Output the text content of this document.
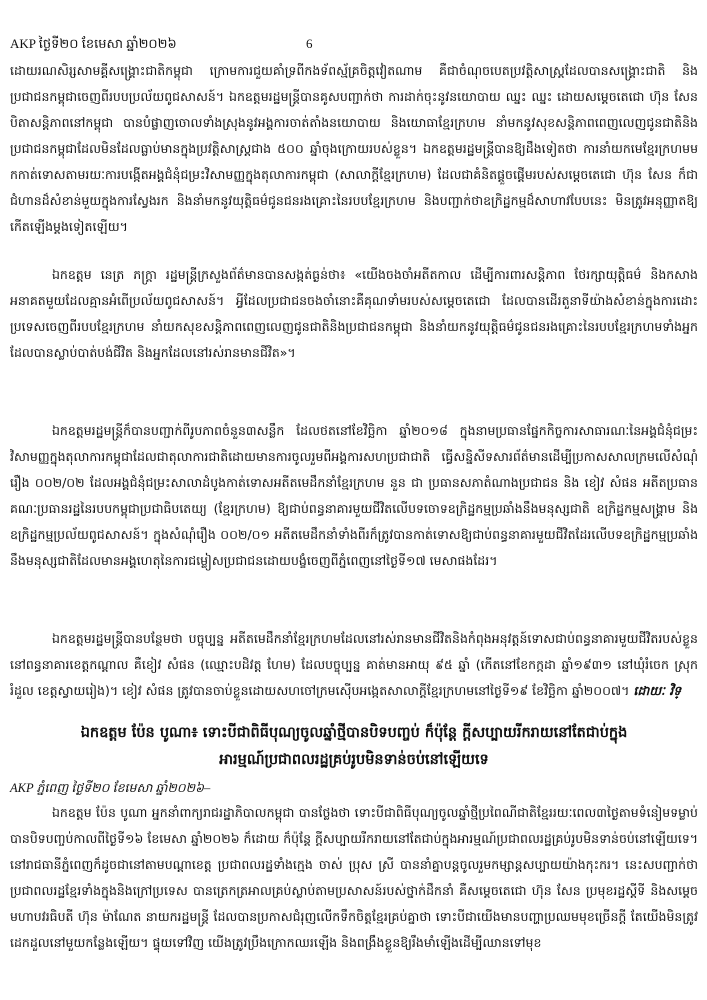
AKP ថ្ងៃទី២០ ខែមេសា ឆ្នាំ២០២៦	6

ដោយរណសិរ្សសាមគ្គីសង្គ្រោះជាតិកម្ពុជា ក្រោមការជួយគាំទ្រពីកងទ័ពស្ម័គ្រចិត្តវៀតណាម គឺជាចំណុចបេតប្រវត្តិសាស្ត្រដែលបានសង្គ្រោះជាតិ និងប្រជាជនកម្ពុជាចេញពីរបបប្រល័យពូជសាសន៍។ ឯកឧត្តមរដ្ឋមន្ត្រីបានគូសបញ្ជាក់ថា ការដាក់ចុះនូវនយោបាយ ឈ្នះ ឈ្នះ ដោយសម្ដេចតេជោ ហ៊ុន សែន បិតាសន្តិភាពនៅកម្ពុជា បានបំផ្លាញចោលទាំងស្រុងនូវអង្គការចាត់តាំងនយោបាយ និងយោធាខ្មែរក្រហម នាំមកនូវសុខសន្តិភាពពេញលេញជូនជាតិនិងប្រជាជនកម្ពុជាដែលមិនដែលធ្លាប់មានក្នុងប្រវត្តិសាស្ត្រជាង ៥០០ ឆ្នាំចុងក្រោយរបស់ខ្លួន។ ឯកឧត្តមរដ្ឋមន្ត្រីបានឱ្យដឹងទៀតថា ការនាំយកមេខ្មែរក្រហមមកកាត់ទោសតាមរយៈការបង្កើតអង្គជំនុំជម្រះវិសាមញ្ញក្នុងតុលាការកម្ពុជា (សាលាក្ដីខ្មែរក្រហម) ដែលជាគំនិតផ្ដួចផ្ដើមរបស់សម្ដេចតេជោ ហ៊ុន សែន ក៏ជាជំហានដ៏សំខាន់មួយក្នុងការស្វែងរក និងនាំមកនូវយុត្តិធម៌ជូនជនរងគ្រោះនៃរបបខ្មែរក្រហម និងបញ្ជាក់ថាឧក្រិដ្ឋកម្មដ៏សាហាវបែបនេះ មិនត្រូវអនុញ្ញាតឱ្យកើតឡើងម្ដងទៀតឡើយ។

ឯកឧត្តម នេត្រ ភក្ត្រា រដ្ឋមន្ត្រីក្រសួងព័ត៌មានបានសង្កត់ធ្ងន់ថា៖ «យើងចងចាំអតីតកាល ដើម្បីការពារសន្តិភាព ថែរក្សាយុត្តិធម៌ និងកសាងអនាគតមួយដែលគ្មានអំពើប្រល័យពូជសាសន៍។ អ្វីដែលប្រជាជនចងចាំនោះគឺគុណទាំមរបស់សម្ដេចតេជោ ដែលបានដើរតួនាទីយ៉ាងសំខាន់ក្នុងការដោះប្រទេសចេញពីរបបខ្មែរក្រហម នាំយកសុខសន្តិភាពពេញលេញជូនជាតិនិងប្រជាជនកម្ពុជា និងនាំយកនូវយុត្តិធម៌ជូនជនរងគ្រោះនៃរបបខ្មែរក្រហមទាំងអ្នកដែលបានស្លាប់បាត់បង់ជីវិត និងអ្នកដែលនៅរស់រានមានជីវិត»។

ឯកឧត្តមរដ្ឋមន្ត្រីក៏បានបញ្ជាក់ពីរូបភាពចំនួន៣សន្លឹក ដែលថតនៅខែវិច្ឆិកា ឆ្នាំ២០១៨ ក្នុងនាមប្រធានផ្នែកកិច្ចការសាធារណៈនៃអង្គជំនុំជម្រះវិសាមញ្ញក្នុងតុលាការកម្ពុជាដែលជាតុលាការជាតិដោយមានការចូលរួមពីអង្គការសហប្រជាជាតិ ធ្វើសន្និសីទសារព័ត៌មានដើម្បីប្រកាសសាលក្រមលើសំណុំរឿង ០០២/០២ ដែលអង្គជំនុំជម្រះសាលាដំបូងកាត់ទោសអតីតមេដឹកនាំខ្មែរក្រហម នួន ជា ប្រធានសភាតំណាងប្រជាជន និង ខៀវ សំផន អតីតប្រធានគណៈប្រធានរដ្ឋនៃរបបកម្ពុជាប្រជាធិបតេយ្យ (ខ្មែរក្រហម) ឱ្យជាប់ពន្ធនាគារមួយជីវិតលើបទចោទឧក្រិដ្ឋកម្មប្រឆាំងនឹងមនុស្សជាតិ ឧក្រិដ្ឋកម្មសង្គ្រាម និងឧក្រិដ្ឋកម្មប្រល័យពូជសាសន៍។ ក្នុងសំណុំរឿង ០០២/០១ អតីតមេដឹកនាំទាំងពីរក៏ត្រូវបានកាត់ទោសឱ្យជាប់ពន្ធនាគារមួយជីវិតដែរលើបទឧក្រិដ្ឋកម្មប្រឆាំងនឹងមនុស្សជាតិដែលមានអង្គហេតុនៃការជម្លៀសប្រជាជនដោយបង្ខំចេញពីភ្នំពេញនៅថ្ងៃទី១៧ មេសាផងដែរ។

ឯកឧត្តមរដ្ឋមន្ត្រីបានបន្ថែមថា បច្ចុប្បន្ន អតីតមេដឹកនាំខ្មែរក្រហមដែលនៅរស់រានមានជីវិតនិងកំពុងអនុវត្តន៍ទោសជាប់ពន្ធនាគារមួយជីវិតរបស់ខ្លួននៅពន្ធនាគារខេត្តកណ្ដាល គឺខៀវ សំផន (ឈ្មោះបដិវត្ត ហែម) ដែលបច្ចុប្បន្ន គាត់មានអាយុ ៩៥ ឆ្នាំ (កើតនៅខែកក្កដា ឆ្នាំ១៩៣១ នៅឃុំរំចេក ស្រុករំដួល ខេត្តស្វាយរៀង)។ ខៀវ សំផន ត្រូវបានចាប់ខ្លួនដោយសហចៅក្រមស៊ើបអង្កេតសាលាក្ដីខ្មែរក្រហមនៅថ្ងៃទី១៩ ខែវិច្ឆិកា ឆ្នាំ២០០៧។ ដោយៈ វិទ្

ឯកឧត្តម ប៉ែន បូណា៖ ទោះបីជាពិធីបុណ្យចូលឆ្នាំថ្មីបានបិទបញ្ចប់ ក៏ប៉ុន្តែ ក្ដីសប្បាយរីករាយនៅតែជាប់ក្នុង
អារម្មណ៍ប្រជាពលរដ្ឋគ្រប់រូបមិនទាន់ចប់នៅឡើយទេ

AKP ភ្នំពេញ ថ្ងៃទី២០ ខែមេសា ឆ្នាំ២០២៦–

ឯកឧត្តម ប៉ែន បូណា អ្នកនាំពាក្យរាជរដ្ឋាភិបាលកម្ពុជា បានថ្លែងថា ទោះបីជាពិធីបុណ្យចូលឆ្នាំថ្មីប្រពៃណីជាតិខ្មែររយៈពេល៣ថ្ងៃតាមទំនៀមទម្លាប់បានបិទបញ្ចប់កាលពីថ្ងៃទី១៦ ខែមេសា ឆ្នាំ២០២៦ ក៏ដោយ ក៏ប៉ុន្តែ ក្ដីសប្បាយរីករាយនៅតែជាប់ក្នុងអារម្មណ៍ប្រជាពលរដ្ឋគ្រប់រូបមិនទាន់ចប់នៅឡើយទេ។ នៅរាជធានីភ្នំពេញក៏ដូចជានៅតាមបណ្ដាខេត្ត ប្រជាពលរដ្ឋទាំងក្មេង ចាស់ ប្រុស ស្រី បាននាំគ្នាបន្តចូលរួមកម្សាន្តសប្បាយយ៉ាងកុះករ។ នេះសបញ្ជាក់ថា ប្រជាពលរដ្ឋខ្មែរទាំងក្នុងនិងក្រៅប្រទេស បានត្រេកត្រអាលគ្រប់ស្លាប់តាមប្រសាសន៍របស់ថ្នាក់ដឹកនាំ គឺសម្ដេចតេជោ ហ៊ុន សែន ប្រមុខរដ្ឋស្ដីទី និងសម្ដេចមហាបវរធិបតី ហ៊ុន ម៉ាណែត នាយករដ្ឋមន្ត្រី ដែលបានប្រកាសជំរុញលើកទឹកចិត្តខ្មែរគ្រប់គ្នាថា ទោះបីជាយើងមានបញ្ហាប្រឈមមុខច្រើនក្ដី តែយើងមិនត្រូវដេកដួលនៅមួយកន្លែងឡើយ។ ផ្ទុយទៅវិញ យើងត្រូវប្រឹងក្រោកឈរឡើង និងពង្រឹងខ្លួនឱ្យរឹងមាំឡើងដើម្បីឈានទៅមុខ
